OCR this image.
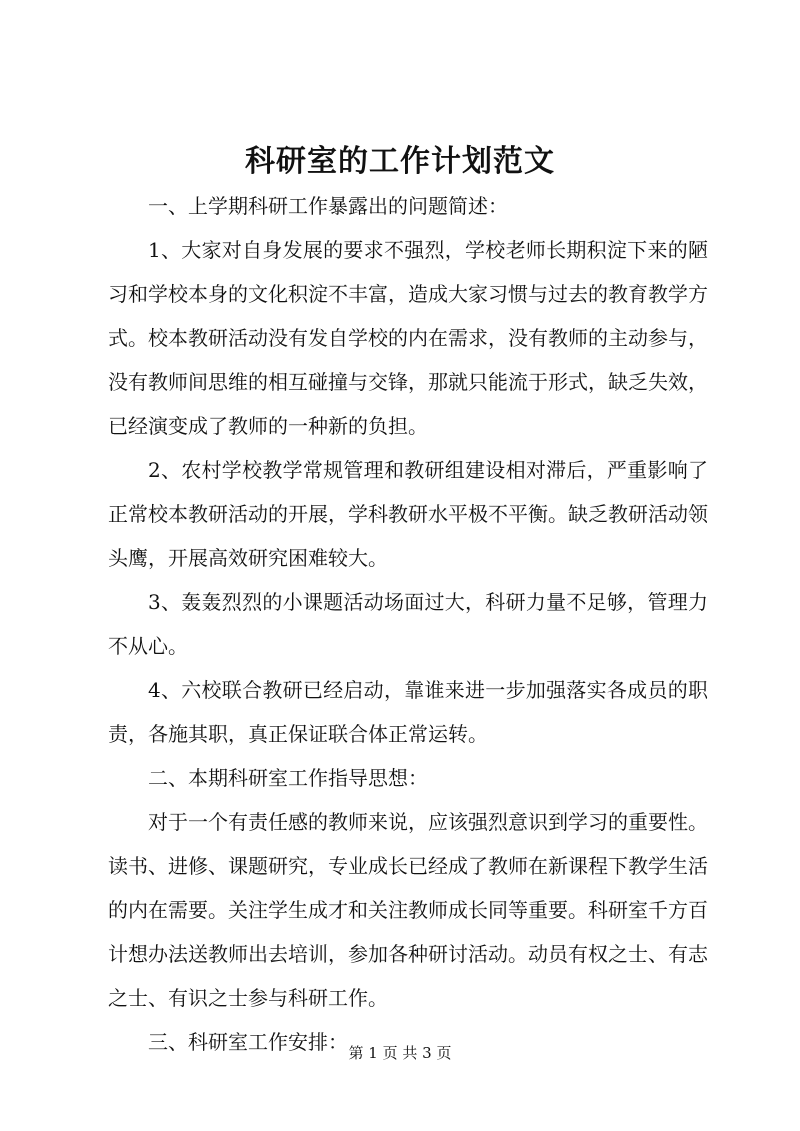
科研室的工作计划范文

一、上学期科研工作暴露出的问题简述：

1、大家对自身发展的要求不强烈，学校老师长期积淀下来的陋习和学校本身的文化积淀不丰富，造成大家习惯与过去的教育教学方式。校本教研活动没有发自学校的内在需求，没有教师的主动参与，没有教师间思维的相互碰撞与交锋，那就只能流于形式，缺乏失效，已经演变成了教师的一种新的负担。

2、农村学校教学常规管理和教研组建设相对滞后，严重影响了正常校本教研活动的开展，学科教研水平极不平衡。缺乏教研活动领头鹰，开展高效研究困难较大。

3、轰轰烈烈的小课题活动场面过大，科研力量不足够，管理力不从心。

4、六校联合教研已经启动，靠谁来进一步加强落实各成员的职责，各施其职，真正保证联合体正常运转。

二、本期科研室工作指导思想：

对于一个有责任感的教师来说，应该强烈意识到学习的重要性。读书、进修、课题研究，专业成长已经成了教师在新课程下教学生活的内在需要。关注学生成才和关注教师成长同等重要。科研室千方百计想办法送教师出去培训，参加各种研讨活动。动员有权之士、有志之士、有识之士参与科研工作。

三、科研室工作安排： 第 1 页 共 3 页
